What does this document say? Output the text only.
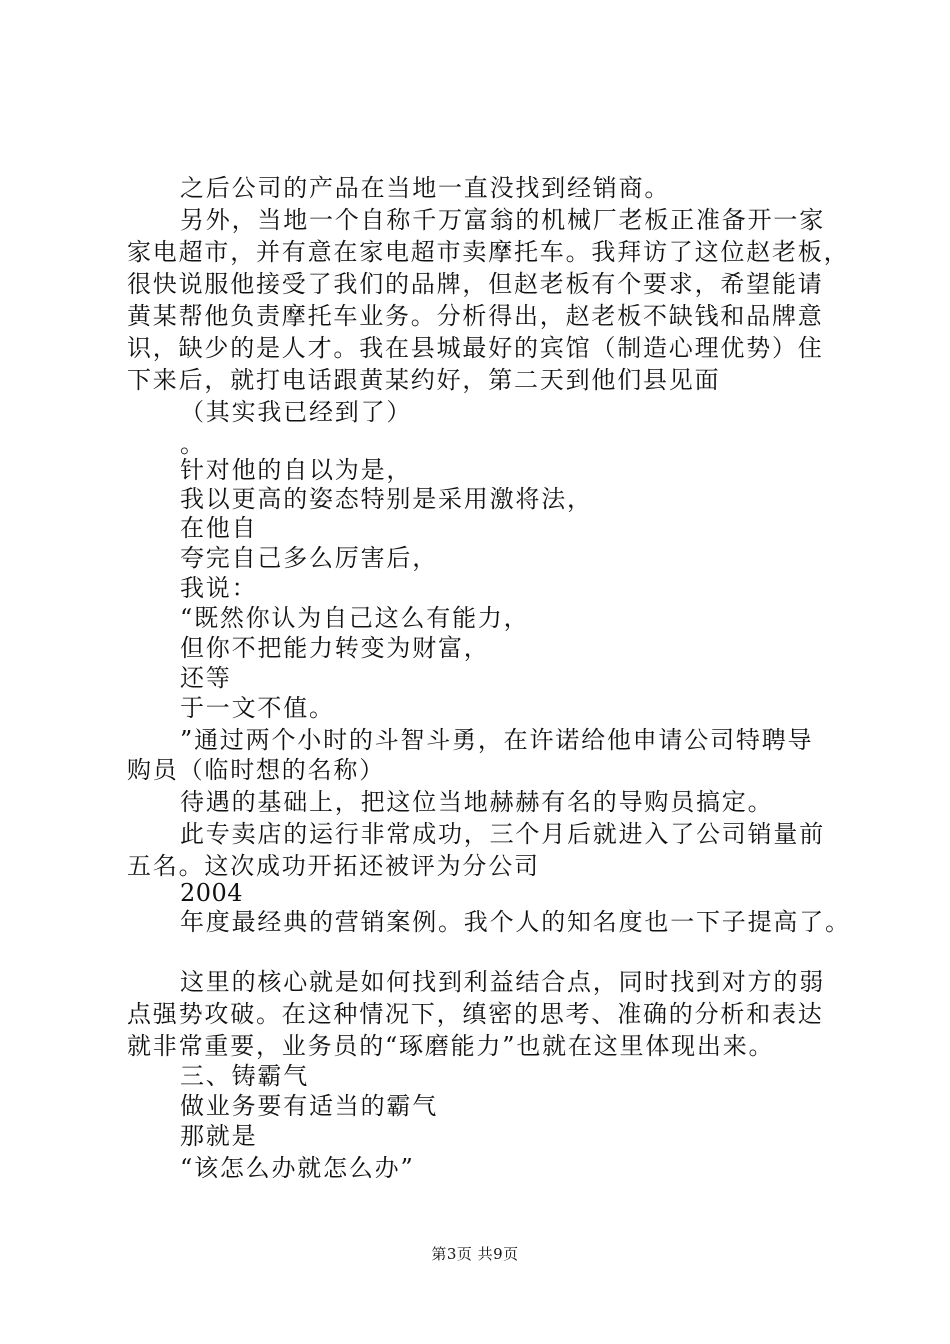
之后公司的产品在当地一直没找到经销商。
另外，当地一个自称千万富翁的机械厂老板正准备开一家
家电超市，并有意在家电超市卖摩托车。我拜访了这位赵老板，
很快说服他接受了我们的品牌，但赵老板有个要求，希望能请
黄某帮他负责摩托车业务。分析得出，赵老板不缺钱和品牌意
识，缺少的是人才。我在县城最好的宾馆（制造心理优势）住
下来后，就打电话跟黄某约好，第二天到他们县见面
（其实我已经到了）
。
针对他的自以为是，
我以更高的姿态特别是采用激将法，
在他自
夸完自己多么厉害后，
我说：
“既然你认为自己这么有能力，
但你不把能力转变为财富，
还等
于一文不值。
”通过两个小时的斗智斗勇，在许诺给他申请公司特聘导
购员（临时想的名称）
待遇的基础上，把这位当地赫赫有名的导购员搞定。
此专卖店的运行非常成功，三个月后就进入了公司销量前
五名。这次成功开拓还被评为分公司
2004
年度最经典的营销案例。我个人的知名度也一下子提高了。
这里的核心就是如何找到利益结合点，同时找到对方的弱
点强势攻破。在这种情况下，缜密的思考、准确的分析和表达
就非常重要，业务员的“琢磨能力”也就在这里体现出来。
三、铸霸气
做业务要有适当的霸气
那就是
“该怎么办就怎么办”
第3页 共9页
